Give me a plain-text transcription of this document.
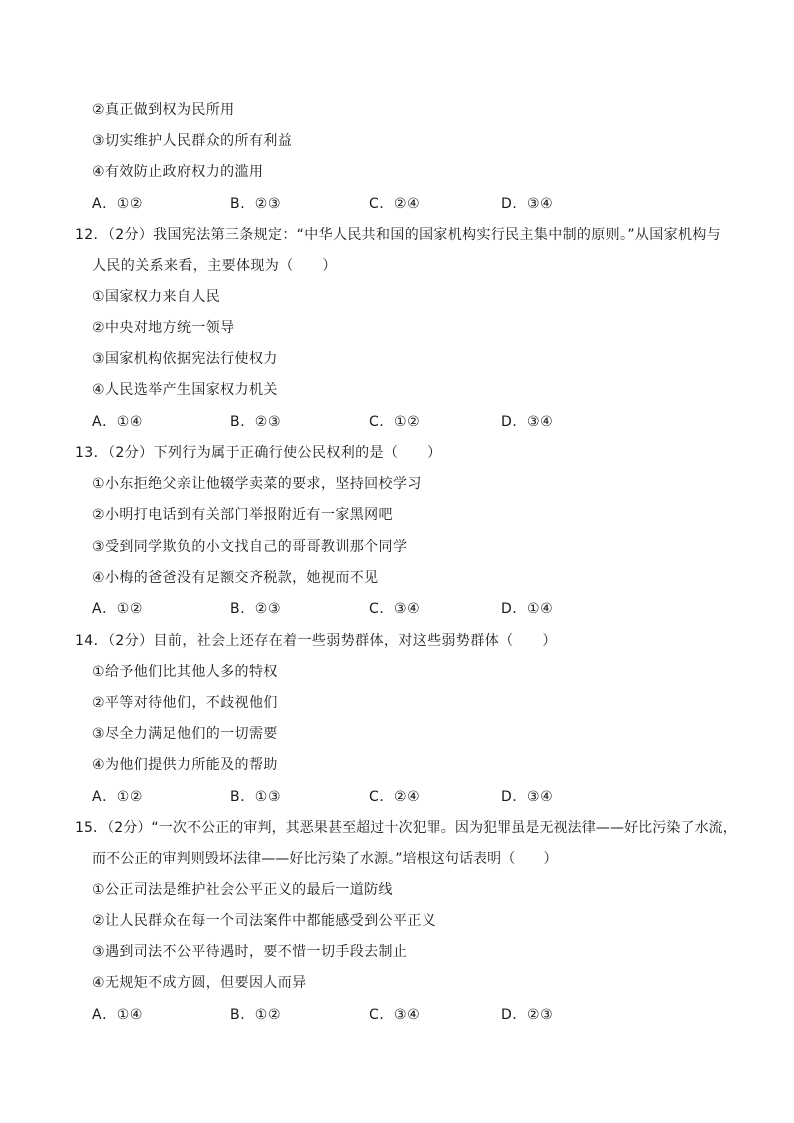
②真正做到权为民所用
③切实维护人民群众的所有利益
④有效防止政府权力的滥用
A．①②	B．②③	C．②④	D．③④
12．（2分）我国宪法第三条规定：“中华人民共和国的国家机构实行民主集中制的原则。”从国家机构与
人民的关系来看，主要体现为（　　）
①国家权力来自人民
②中央对地方统一领导
③国家机构依据宪法行使权力
④人民选举产生国家权力机关
A．①④	B．②③	C．①②	D．③④
13．（2分）下列行为属于正确行使公民权利的是（　　）
①小东拒绝父亲让他辍学卖菜的要求，坚持回校学习
②小明打电话到有关部门举报附近有一家黑网吧
③受到同学欺负的小文找自己的哥哥教训那个同学
④小梅的爸爸没有足额交齐税款，她视而不见
A．①②	B．②③	C．③④	D．①④
14．（2分）目前，社会上还存在着一些弱势群体，对这些弱势群体（　　）
①给予他们比其他人多的特权
②平等对待他们，不歧视他们
③尽全力满足他们的一切需要
④为他们提供力所能及的帮助
A．①②	B．①③	C．②④	D．③④
15．（2分）“一次不公正的审判，其恶果甚至超过十次犯罪。因为犯罪虽是无视法律——好比污染了水流，
而不公正的审判则毁坏法律——好比污染了水源。”培根这句话表明（　　）
①公正司法是维护社会公平正义的最后一道防线
②让人民群众在每一个司法案件中都能感受到公平正义
③遇到司法不公平待遇时，要不惜一切手段去制止
④无规矩不成方圆，但要因人而异
A．①④	B．①②	C．③④	D．②③
